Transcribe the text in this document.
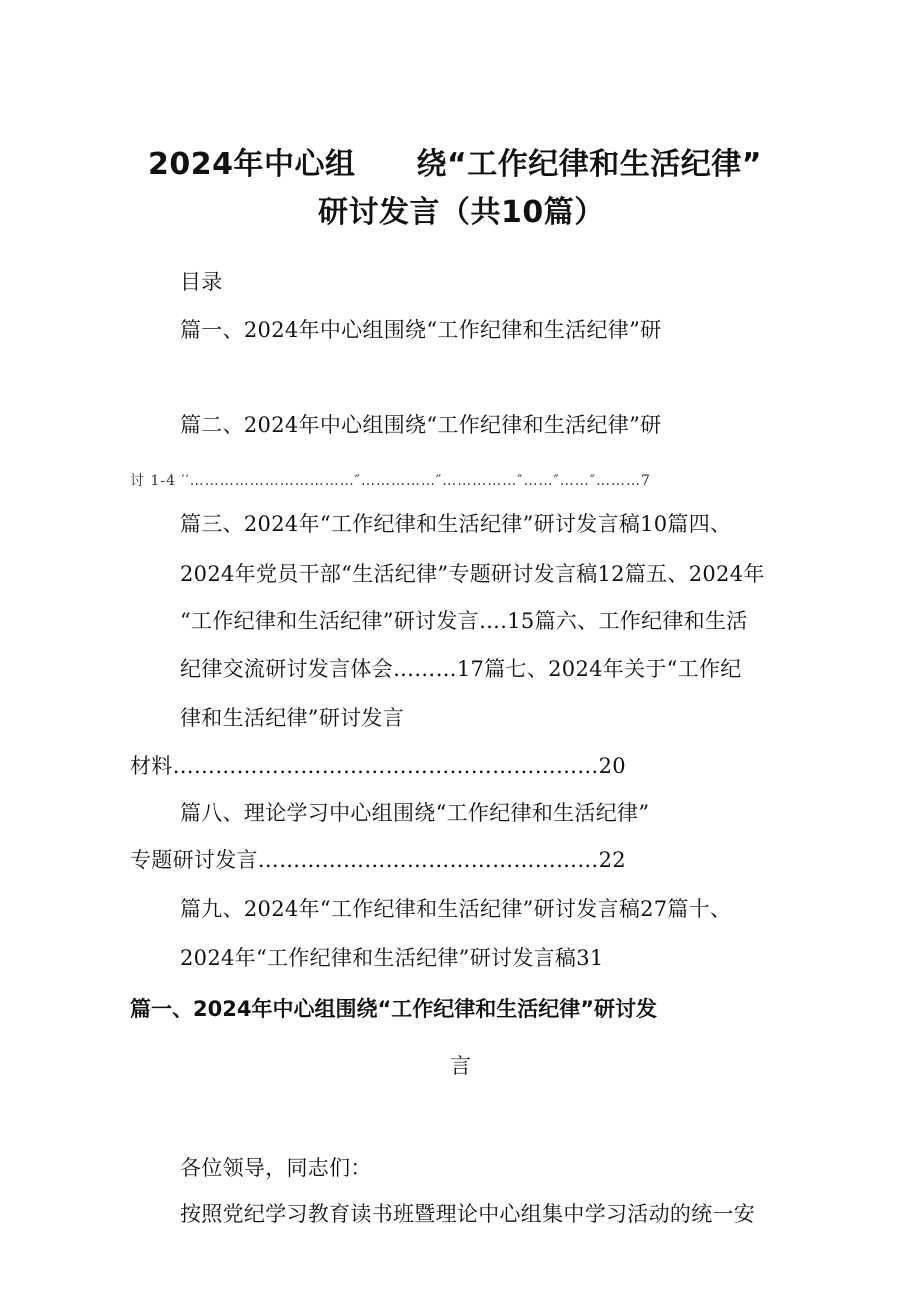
2024年中心组　　绕“工作纪律和生活纪律”
研讨发言（共10篇）
目录
篇一、2024年中心组围绕“工作纪律和生活纪律”研
篇二、2024年中心组围绕“工作纪律和生活纪律”研
讨 1-4 ′′……………………………″……………″……………″……″……″………7
篇三、2024年“工作纪律和生活纪律”研讨发言稿10篇四、
2024年党员干部“生活纪律”专题研讨发言稿12篇五、2024年
“工作纪律和生活纪律”研讨发言….15篇六、工作纪律和生活
纪律交流研讨发言体会………17篇七、2024年关于“工作纪
律和生活纪律”研讨发言
材料……………………………………………………20
篇八、理论学习中心组围绕“工作纪律和生活纪律”
专题研讨发言…………………………………………22
篇九、2024年“工作纪律和生活纪律”研讨发言稿27篇十、
2024年“工作纪律和生活纪律”研讨发言稿31
篇一、2024年中心组围绕“工作纪律和生活纪律”研讨发
言
各位领导，同志们：
按照党纪学习教育读书班暨理论中心组集中学习活动的统一安
